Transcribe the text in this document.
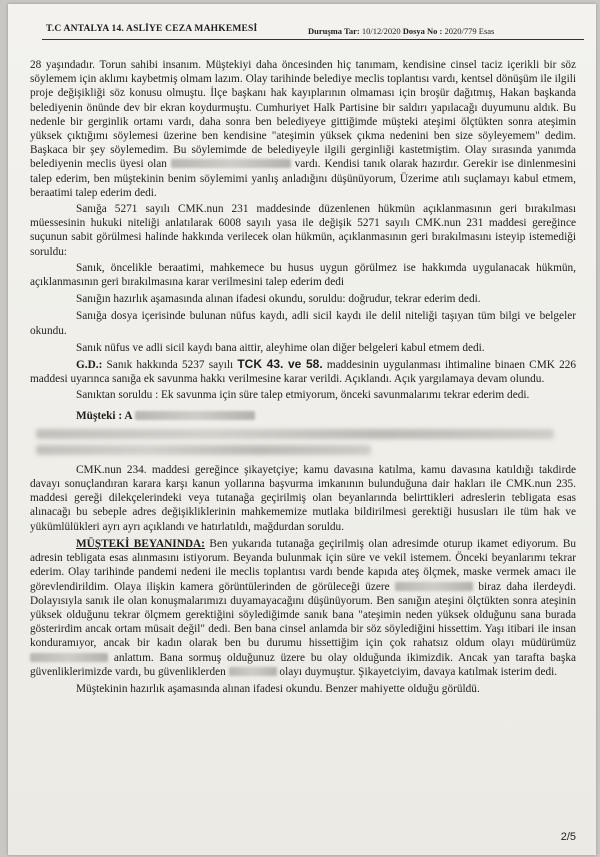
T.C ANTALYA 14. ASLİYE CEZA MAHKEMESİ	Duruşma Tar: 10/12/2020 Dosya No : 2020/779 Esas

28 yaşındadır. Torun sahibi insanım. Müştekiyi daha öncesinden hiç tanımam, kendisine cinsel taciz içerikli bir söz söylemem için aklımı kaybetmiş olmam lazım. Olay tarihinde belediye meclis toplantısı vardı, kentsel dönüşüm ile ilgili proje değişikliği söz konusu olmuştu. İlçe başkanı hak kayıplarının olmaması için broşür dağıtmış, Hakan başkanda belediyenin önünde dev bir ekran koydurmuştu. Cumhuriyet Halk Partisine bir saldırı yapılacağı duyumunu aldık. Bu nedenle bir gerginlik ortamı vardı, daha sonra ben belediyeye gittiğimde müşteki ateşimi ölçtükten sonra ateşimin yüksek çıktığımı söylemesi üzerine ben kendisine "ateşimin yüksek çıkma nedenini ben size söyleyemem" dedim. Başkaca bir şey söylemedim. Bu söylemimde de belediyeyle ilgili gerginliği kastetmiştim. Olay sırasında yanımda belediyenin meclis üyesi olan	vardı. Kendisi tanık olarak hazırdır. Gerekir ise dinlenmesini talep ederim, ben müştekinin benim söylemimi yanlış anladığını düşünüyorum, Üzerime atılı suçlamayı kabul etmem, beraatimi talep ederim dedi.

Sanığa 5271 sayılı CMK.nun 231 maddesinde düzenlenen hükmün açıklanmasının geri bırakılması müessesinin hukuki niteliği anlatılarak 6008 sayılı yasa ile değişik 5271 sayılı CMK.nun 231 maddesi gereğince suçunun sabit görülmesi halinde hakkında verilecek olan hükmün, açıklanmasının geri bırakılmasını isteyip istemediği soruldu:

Sanık, öncelikle beraatimi, mahkemece bu husus uygun görülmez ise hakkımda uygulanacak hükmün, açıklanmasının geri bırakılmasına karar verilmesini talep ederim dedi

Sanığın hazırlık aşamasında alınan ifadesi okundu, soruldu: doğrudur, tekrar ederim dedi.

Sanığa dosya içerisinde bulunan nüfus kaydı, adli sicil kaydı ile delil niteliği taşıyan tüm bilgi ve belgeler okundu.

Sanık nüfus ve adli sicil kaydı bana aittir, aleyhime olan diğer belgeleri kabul etmem dedi.

G.D.: Sanık hakkında 5237 sayılı TCK 43. ve 58. maddesinin uygulanması ihtimaline binaen CMK 226 maddesi uyarınca sanığa ek savunma hakkı verilmesine karar verildi. Açıklandı. Açık yargılamaya devam olundu.

Sanıktan soruldu : Ek savunma için süre talep etmiyorum, önceki savunmalarımı tekrar ederim dedi.

Müşteki : A

CMK.nun 234. maddesi gereğince şikayetçiye; kamu davasına katılma, kamu davasına katıldığı takdirde davayı sonuçlandıran karara karşı kanun yollarına başvurma imkanının bulunduğuna dair hakları ile CMK.nun 235. maddesi gereği dilekçelerindeki veya tutanağa geçirilmiş olan beyanlarında belirttikleri adreslerin tebligata esas alınacağı bu sebeple adres değişikliklerinin mahkememize mutlaka bildirilmesi gerektiği hususları ile tüm hak ve yükümlülükleri ayrı ayrı açıklandı ve hatırlatıldı, mağdurdan soruldu.

MÜŞTEKİ BEYANINDA: Ben yukarıda tutanağa geçirilmiş olan adresimde oturup ikamet ediyorum. Bu adresin tebligata esas alınmasını istiyorum. Beyanda bulunmak için süre ve vekil istemem. Önceki beyanlarımı tekrar ederim. Olay tarihinde pandemi nedeni ile meclis toplantısı vardı bende kapıda ateş ölçmek, maske vermek amacı ile görevlendirildim. Olaya ilişkin kamera görüntülerinden de görüleceği üzere	biraz daha ilerdeydi. Dolayısıyla sanık ile olan konuşmalarımızı duyamayacağını düşünüyorum. Ben sanığın ateşini ölçtükten sonra ateşinin yüksek olduğunu tekrar ölçmem gerektiğini söylediğimde sanık bana "ateşimin neden yüksek olduğunu sana burada gösterirdim ancak ortam müsait değil" dedi. Ben bana cinsel anlamda bir söz söylediğini hissettim. Yaşı itibari ile insan konduramıyor, ancak bir kadın olarak ben bu durumu hissettiğim için çok rahatsız oldum olayı müdürümüz  anlattım. Bana sormuş olduğunuz üzere bu olay olduğunda ikimizdik. Ancak yan tarafta başka güvenliklerimizde vardı, bu güvenliklerden	olayı duymuştur. Şikayetciyim, davaya katılmak isterim dedi.

Müştekinin hazırlık aşamasında alınan ifadesi okundu. Benzer mahiyette olduğu görüldü.

2/5
